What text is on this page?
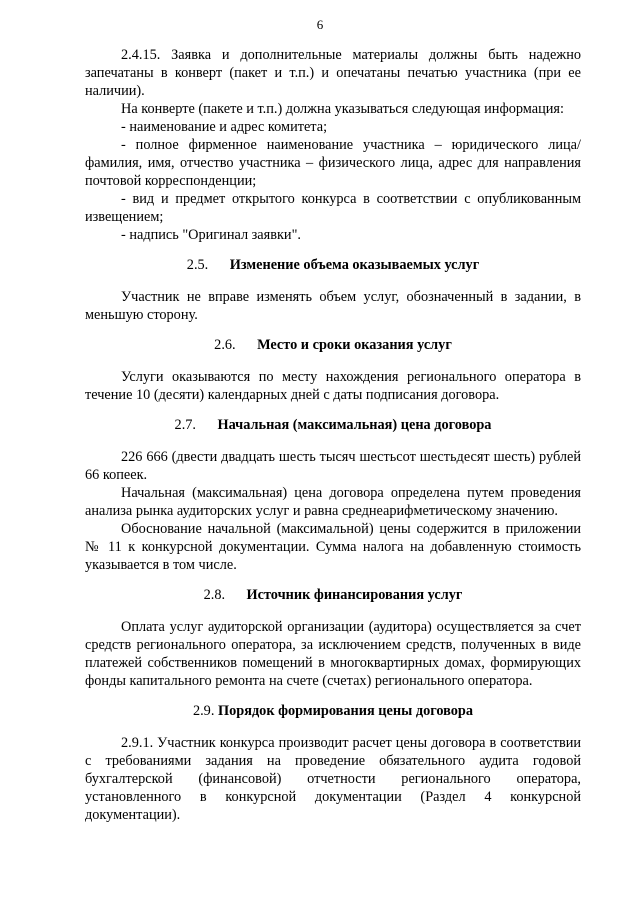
6

2.4.15. Заявка и дополнительные материалы должны быть надежно запечатаны в конверт (пакет и т.п.) и опечатаны печатью участника (при ее наличии).

На конверте (пакете и т.п.) должна указываться следующая информация:

- наименование и адрес комитета;

- полное фирменное наименование участника – юридического лица/фамилия, имя, отчество участника – физического лица, адрес для направления почтовой корреспонденции;

- вид и предмет открытого конкурса в соответствии с опубликованным извещением;

- надпись "Оригинал заявки".

2.5. Изменение объема оказываемых услуг

Участник не вправе изменять объем услуг, обозначенный в задании, в меньшую сторону.

2.6. Место и сроки оказания услуг

Услуги оказываются по месту нахождения регионального оператора в течение 10 (десяти) календарных дней с даты подписания договора.

2.7. Начальная (максимальная) цена договора

226 666 (двести двадцать шесть тысяч шестьсот шестьдесят шесть) рублей 66 копеек.

Начальная (максимальная) цена договора определена путем проведения анализа рынка аудиторских услуг и равна среднеарифметическому значению.

Обоснование начальной (максимальной) цены содержится в приложении № 11 к конкурсной документации. Сумма налога на добавленную стоимость указывается в том числе.

2.8. Источник финансирования услуг

Оплата услуг аудиторской организации (аудитора) осуществляется за счет средств регионального оператора, за исключением средств, полученных в виде платежей собственников помещений в многоквартирных домах, формирующих фонды капитального ремонта на счете (счетах) регионального оператора.

2.9. Порядок формирования цены договора

2.9.1. Участник конкурса производит расчет цены договора в соответствии с требованиями задания на проведение обязательного аудита годовой бухгалтерской (финансовой) отчетности регионального оператора, установленного в конкурсной документации (Раздел 4 конкурсной документации).
